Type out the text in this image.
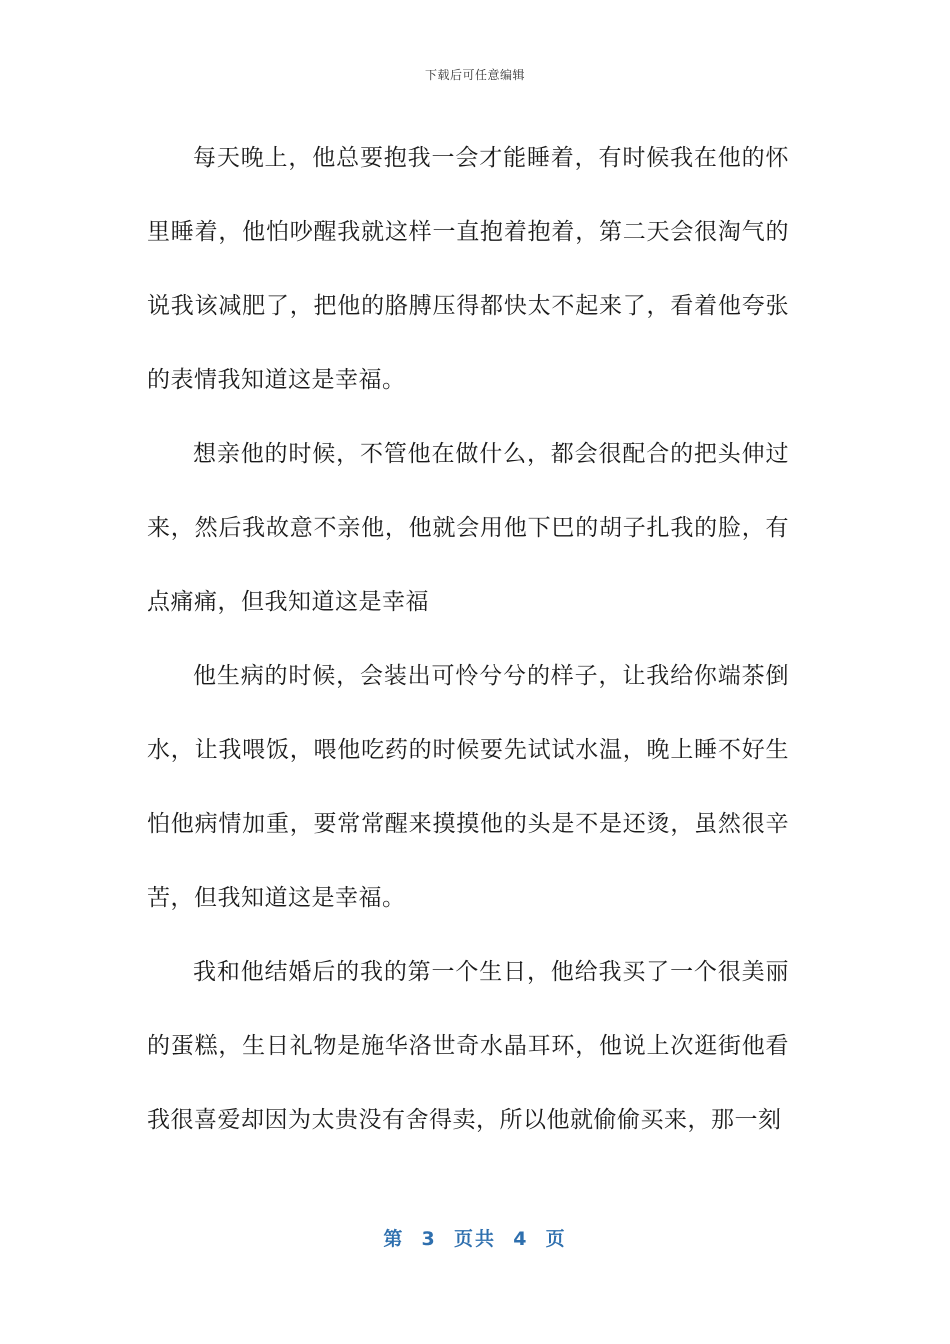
下载后可任意编辑

每天晚上，他总要抱我一会才能睡着，有时候我在他的怀里睡着，他怕吵醒我就这样一直抱着抱着，第二天会很淘气的说我该减肥了，把他的胳膊压得都快太不起来了，看着他夸张的表情我知道这是幸福。

想亲他的时候，不管他在做什么，都会很配合的把头伸过来，然后我故意不亲他，他就会用他下巴的胡子扎我的脸，有点痛痛，但我知道这是幸福

他生病的时候，会装出可怜兮兮的样子，让我给你端茶倒水，让我喂饭，喂他吃药的时候要先试试水温，晚上睡不好生怕他病情加重，要常常醒来摸摸他的头是不是还烫，虽然很辛苦，但我知道这是幸福。

我和他结婚后的我的第一个生日，他给我买了一个很美丽的蛋糕，生日礼物是施华洛世奇水晶耳环，他说上次逛街他看我很喜爱却因为太贵没有舍得卖，所以他就偷偷买来，那一刻

第  3  页共  4  页
